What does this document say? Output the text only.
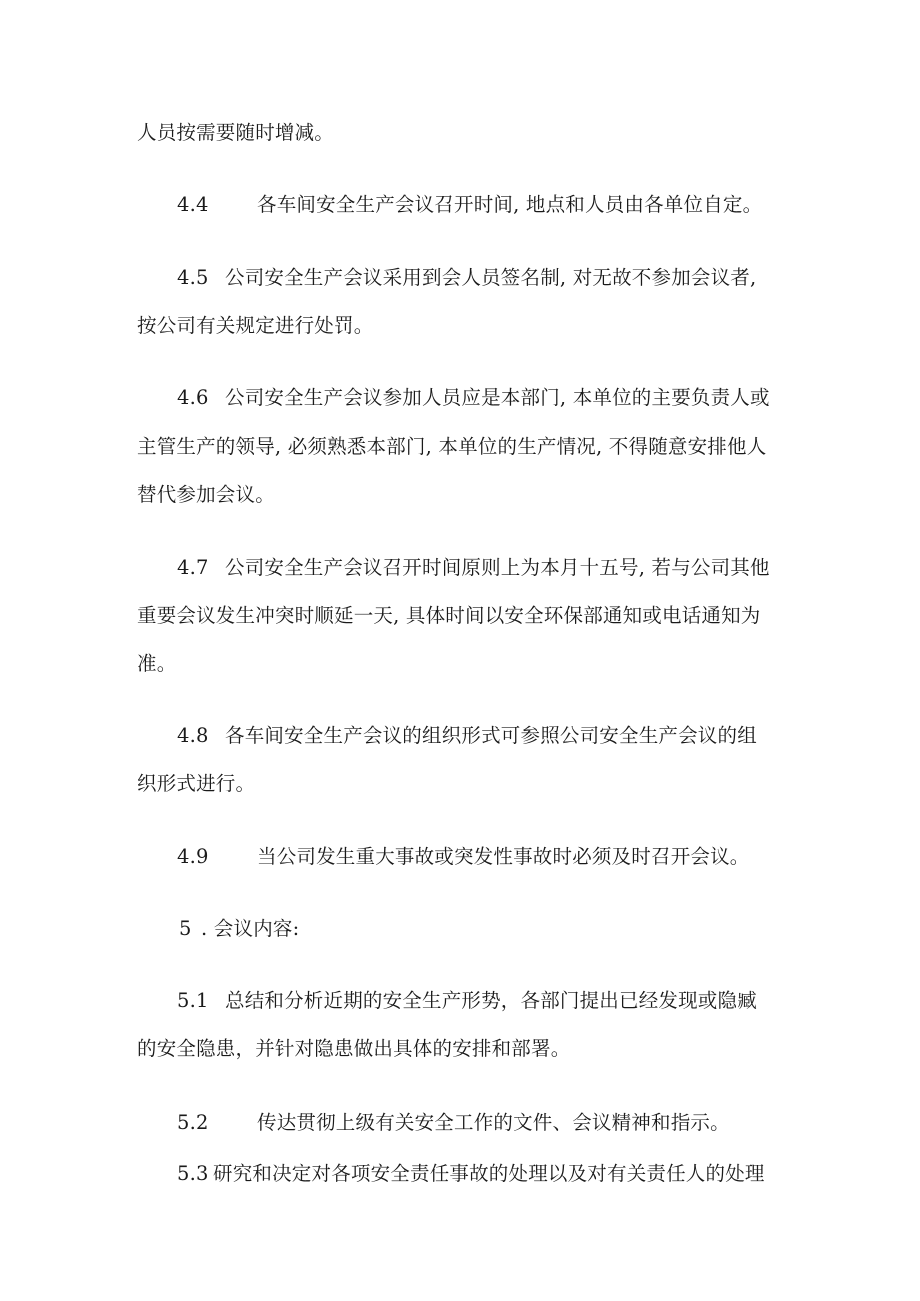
人员按需要随时增减。
4.4 各车间安全生产会议召开时间, 地点和人员由各单位自定。
4.5 公司安全生产会议采用到会人员签名制, 对无故不参加会议者,
按公司有关规定进行处罚。
4.6 公司安全生产会议参加人员应是本部门, 本单位的主要负责人或
主管生产的领导, 必须熟悉本部门, 本单位的生产情况, 不得随意安排他人
替代参加会议。
4.7 公司安全生产会议召开时间原则上为本月十五号, 若与公司其他
重要会议发生冲突时顺延一天, 具体时间以安全环保部通知或电话通知为
准。
4.8 各车间安全生产会议的组织形式可参照公司安全生产会议的组
织形式进行。
4.9 当公司发生重大事故或突发性事故时必须及时召开会议。
5 . 会议内容:
5.1 总结和分析近期的安全生产形势，各部门提出已经发现或隐臧
的安全隐患，并针对隐患做出具体的安排和部署。
5.2 传达贯彻上级有关安全工作的文件、会议精神和指示。
5.3 研究和决定对各项安全责任事故的处理以及对有关责任人的处理
